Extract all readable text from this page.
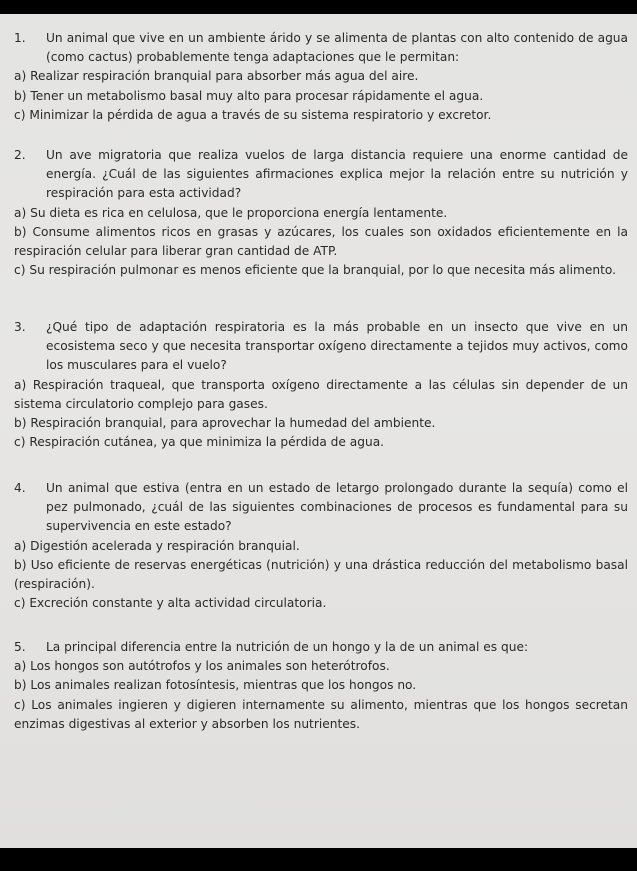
1.	Un animal que vive en un ambiente árido y se alimenta de plantas con alto contenido de agua (como cactus) probablemente tenga adaptaciones que le permitan:
a) Realizar respiración branquial para absorber más agua del aire.
b) Tener un metabolismo basal muy alto para procesar rápidamente el agua.
c) Minimizar la pérdida de agua a través de su sistema respiratorio y excretor.
2.	Un ave migratoria que realiza vuelos de larga distancia requiere una enorme cantidad de energía. ¿Cuál de las siguientes afirmaciones explica mejor la relación entre su nutrición y respiración para esta actividad?
a) Su dieta es rica en celulosa, que le proporciona energía lentamente.
b) Consume alimentos ricos en grasas y azúcares, los cuales son oxidados eficientemente en la respiración celular para liberar gran cantidad de ATP.
c) Su respiración pulmonar es menos eficiente que la branquial, por lo que necesita más alimento.
3.	¿Qué tipo de adaptación respiratoria es la más probable en un insecto que vive en un ecosistema seco y que necesita transportar oxígeno directamente a tejidos muy activos, como los musculares para el vuelo?
a) Respiración traqueal, que transporta oxígeno directamente a las células sin depender de un sistema circulatorio complejo para gases.
b) Respiración branquial, para aprovechar la humedad del ambiente.
c) Respiración cutánea, ya que minimiza la pérdida de agua.
4.	Un animal que estiva (entra en un estado de letargo prolongado durante la sequía) como el pez pulmonado, ¿cuál de las siguientes combinaciones de procesos es fundamental para su supervivencia en este estado?
a) Digestión acelerada y respiración branquial.
b) Uso eficiente de reservas energéticas (nutrición) y una drástica reducción del metabolismo basal (respiración).
c) Excreción constante y alta actividad circulatoria.
5.	La principal diferencia entre la nutrición de un hongo y la de un animal es que:
a) Los hongos son autótrofos y los animales son heterótrofos.
b) Los animales realizan fotosíntesis, mientras que los hongos no.
c) Los animales ingieren y digieren internamente su alimento, mientras que los hongos secretan enzimas digestivas al exterior y absorben los nutrientes.
